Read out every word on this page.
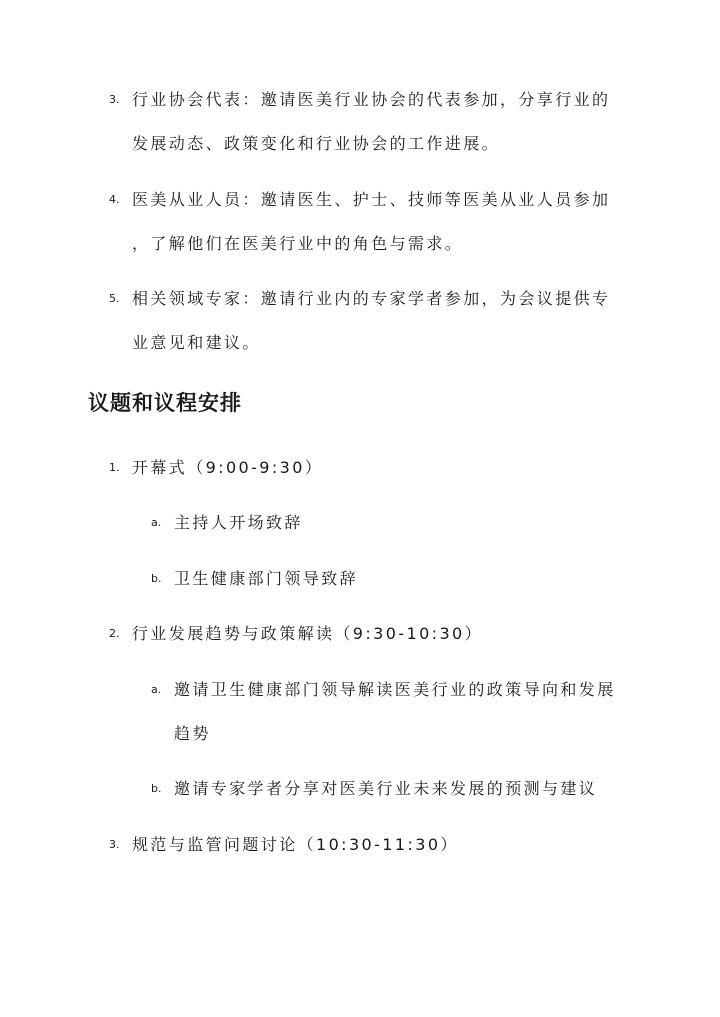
3. 行业协会代表：邀请医美行业协会的代表参加，分享行业的
发展动态、政策变化和行业协会的工作进展。
4. 医美从业人员：邀请医生、护士、技师等医美从业人员参加
，了解他们在医美行业中的角色与需求。
5. 相关领域专家：邀请行业内的专家学者参加，为会议提供专
业意见和建议。
议题和议程安排
1. 开幕式（9:00-9:30）
a. 主持人开场致辞
b. 卫生健康部门领导致辞
2. 行业发展趋势与政策解读（9:30-10:30）
a. 邀请卫生健康部门领导解读医美行业的政策导向和发展
趋势
b. 邀请专家学者分享对医美行业未来发展的预测与建议
3. 规范与监管问题讨论（10:30-11:30）
